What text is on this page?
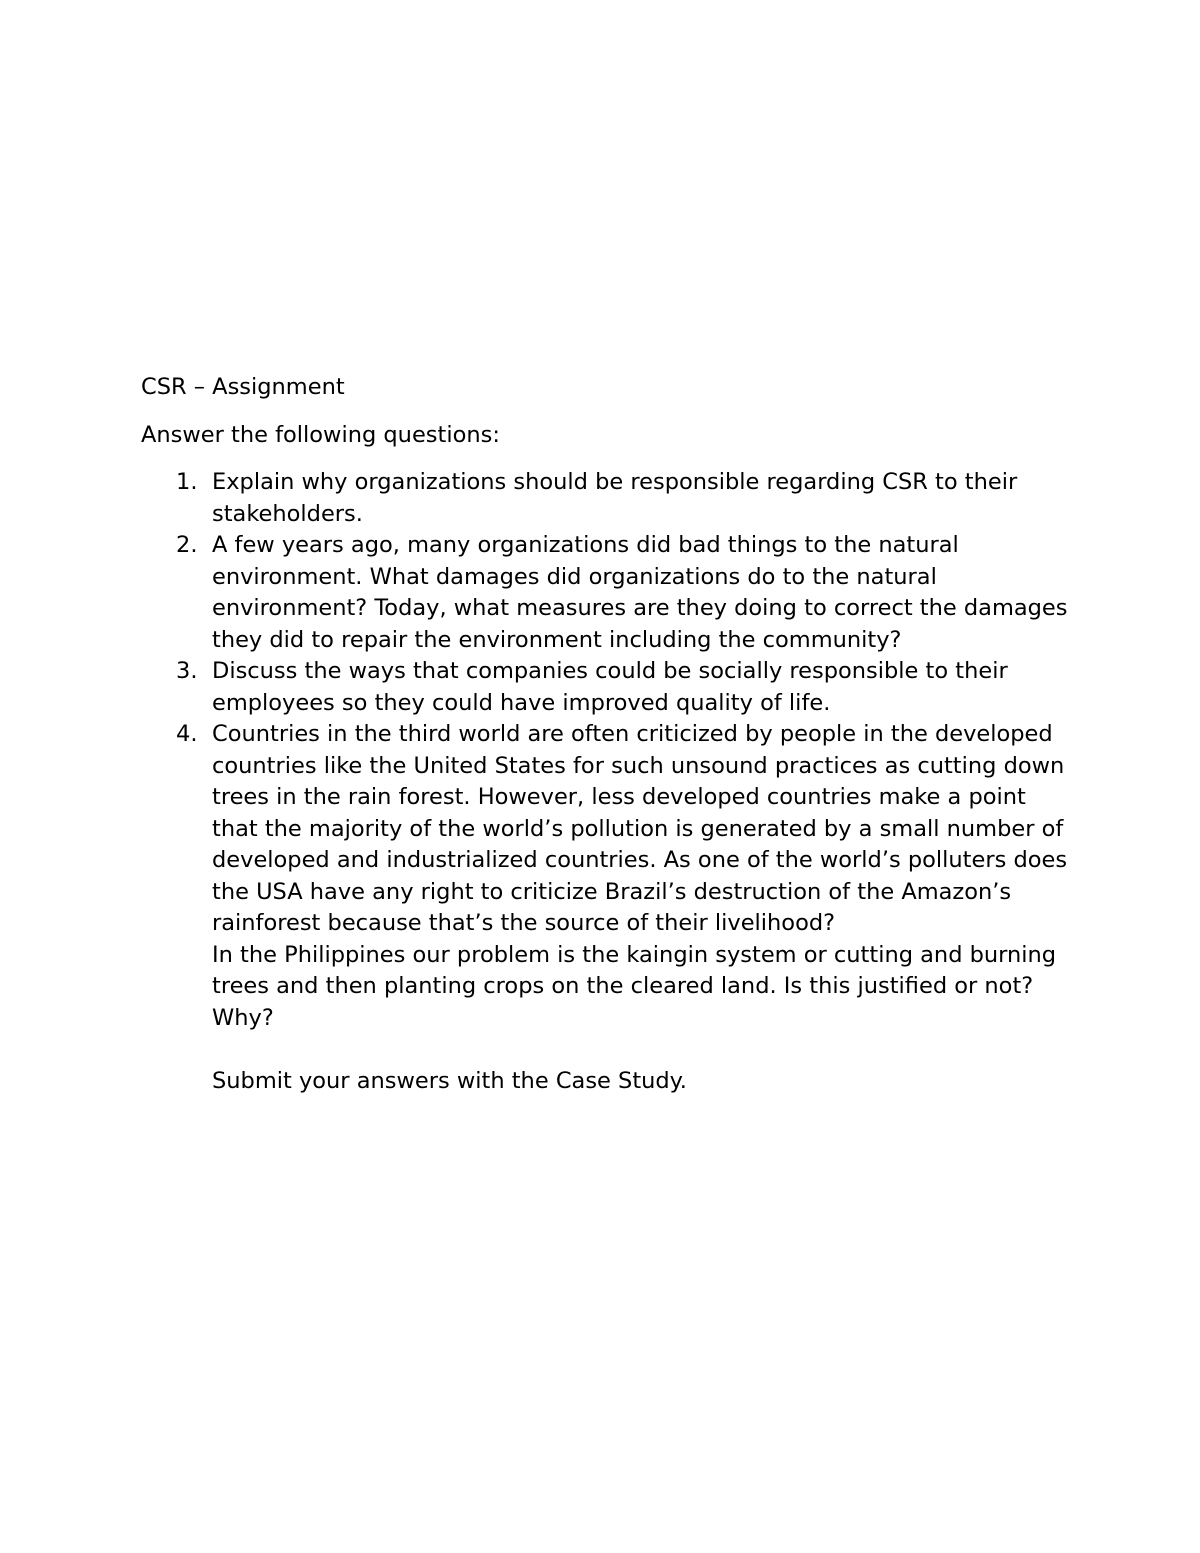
CSR – Assignment
Answer the following questions:
1. Explain why organizations should be responsible regarding CSR to their stakeholders.
2. A few years ago, many organizations did bad things to the natural environment. What damages did organizations do to the natural environment? Today, what measures are they doing to correct the damages they did to repair the environment including the community?
3. Discuss the ways that companies could be socially responsible to their employees so they could have improved quality of life.
4. Countries in the third world are often criticized by people in the developed countries like the United States for such unsound practices as cutting down trees in the rain forest. However, less developed countries make a point that the majority of the world’s pollution is generated by a small number of developed and industrialized countries. As one of the world’s polluters does the USA have any right to criticize Brazil’s destruction of the Amazon’s rainforest because that’s the source of their livelihood?
In the Philippines our problem is the kaingin system or cutting and burning trees and then planting crops on the cleared land. Is this justified or not? Why?
Submit your answers with the Case Study.
